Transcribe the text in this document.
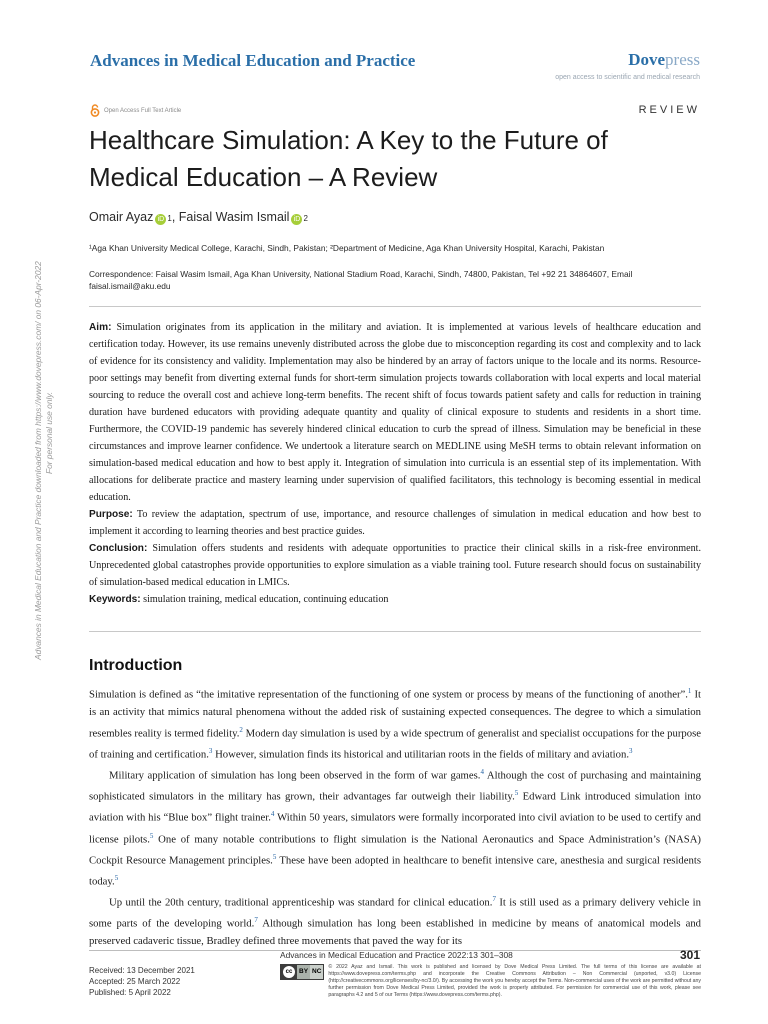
Advances in Medical Education and Practice	Dovepress
open access to scientific and medical research
Open Access Full Text Article	REVIEW
Advances in Medical Education and Practice downloaded from https://www.dovepress.com/ on 06-Apr-2022 For personal use only.
Healthcare Simulation: A Key to the Future of Medical Education – A Review
Omair Ayaz iD 1 ,
Faisal Wasim Ismail iD 2
¹Aga Khan University Medical College, Karachi, Sindh, Pakistan; ²Department of Medicine, Aga Khan University Hospital, Karachi, Pakistan
Correspondence: Faisal Wasim Ismail, Aga Khan University, National Stadium Road, Karachi, Sindh, 74800, Pakistan, Tel +92 21 34864607, Email faisal.ismail@aku.edu

Aim: Simulation originates from its application in the military and aviation. It is implemented at various levels of healthcare education and certification today. However, its use remains unevenly distributed across the globe due to misconception regarding its cost and complexity and to lack of evidence for its consistency and validity. Implementation may also be hindered by an array of factors unique to the locale and its norms. Resource-poor settings may benefit from diverting external funds for short-term simulation projects towards collaboration with local experts and local material sourcing to reduce the overall cost and achieve long-term benefits. The recent shift of focus towards patient safety and calls for reduction in training duration have burdened educators with providing adequate quantity and quality of clinical exposure to students and residents in a short time. Furthermore, the COVID-19 pandemic has severely hindered clinical education to curb the spread of illness. Simulation may be beneficial in these circumstances and improve learner confidence. We undertook a literature search on MEDLINE using MeSH terms to obtain relevant information on simulation-based medical education and how to best apply it. Integration of simulation into curricula is an essential step of its implementation. With allocations for deliberate practice and mastery learning under supervision of qualified facilitators, this technology is becoming essential in medical education.

Purpose: To review the adaptation, spectrum of use, importance, and resource challenges of simulation in medical education and how best to implement it according to learning theories and best practice guides.

Conclusion: Simulation offers students and residents with adequate opportunities to practice their clinical skills in a risk-free environment. Unprecedented global catastrophes provide opportunities to explore simulation as a viable training tool. Future research should focus on sustainability of simulation-based medical education in LMICs.

Keywords: simulation training, medical education, continuing education

Introduction

Simulation is defined as “the imitative representation of the functioning of one system or process by means of the functioning of another”.$^1$ It is an activity that mimics natural phenomena without the added risk of sustaining expected consequences. The degree to which a simulation resembles reality is termed fidelity.$^2$ Modern day simulation is used by a wide spectrum of generalist and specialist occupations for the purpose of training and certification.$^3$ However, simulation finds its historical and utilitarian roots in the fields of military and aviation.$^3$

Military application of simulation has long been observed in the form of war games.$^4$ Although the cost of purchasing and maintaining sophisticated simulators in the military has grown, their advantages far outweigh their liability.$^5$ Edward Link introduced simulation into aviation with his “Blue box” flight trainer.$^4$ Within 50 years, simulators were formally incorporated into civil aviation to be used to certify and license pilots.$^5$ One of many notable contributions to flight simulation is the National Aeronautics and Space Administration’s (NASA) Cockpit Resource Management principles.$^5$ These have been adopted in healthcare to benefit intensive care, anesthesia and surgical residents today.$^5$

Up until the 20th century, traditional apprenticeship was standard for clinical education.$^7$ It is still used as a primary delivery vehicle in some parts of the developing world.$^7$ Although simulation has long been established in medicine by means of anatomical models and preserved cadaveric tissue, Bradley defined three movements that paved the way for its

Received: 13 December 2021
Accepted: 25 March 2022
Published: 5 April 2022
Advances in Medical Education and Practice 2022:13 301–308	301
cc	BY NC
© 2022 Ayaz and Ismail. This work is published and licensed by Dove Medical Press Limited. The full terms of this license are available at https://www.dovepress.com/terms.php and incorporate the Creative Commons Attribution – Non Commercial (unported, v3.0) License (http://creativecommons.org/licenses/by-nc/3.0/). By accessing the work you hereby accept the Terms. Non-commercial uses of the work are permitted without any further permission from Dove Medical Press Limited, provided the work is properly attributed. For permission for commercial use of this work, please see paragraphs 4.2 and 5 of our Terms (https://www.dovepress.com/terms.php).
